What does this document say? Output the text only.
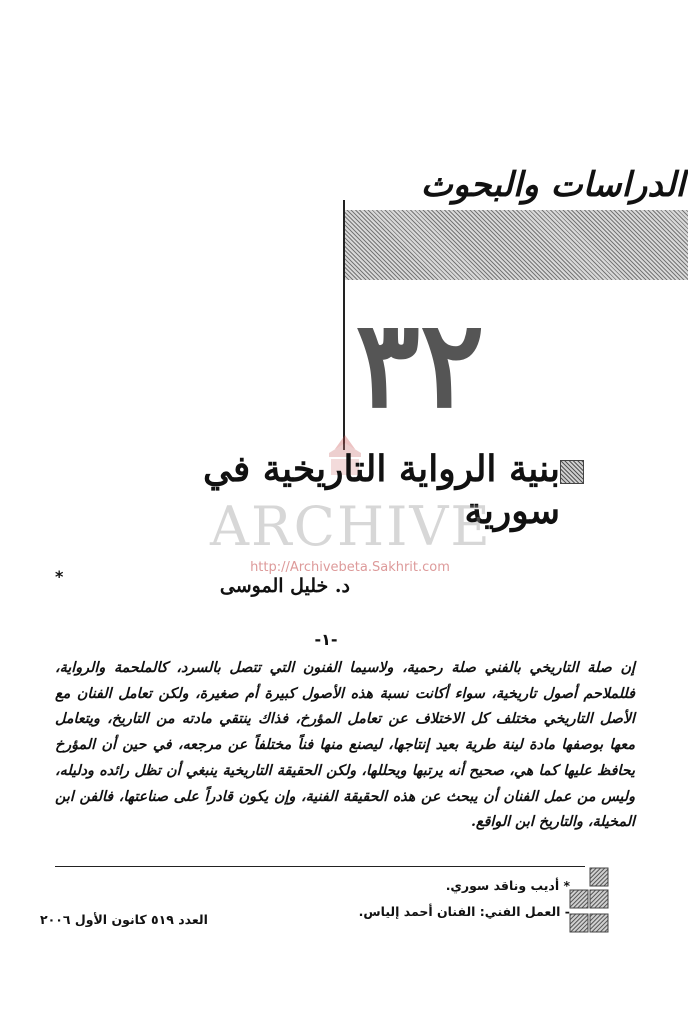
الدراسات والبحوث
٣٢
بنية الرواية التاريخية في سورية
ARCHIVE
http://Archivebeta.Sakhrit.com
د. خليل الموسى
*
-١-
إن صلة التاريخي بالفني صلة رحمية، ولاسيما الفنون التي تتصل بالسرد، كالملحمة والرواية، فللملاحم أصول تاريخية، سواء أكانت نسبة هذه الأصول كبيرة أم صغيرة، ولكن تعامل الفنان مع الأصل التاريخي مختلف كل الاختلاف عن تعامل المؤرخ، فذاك ينتقي مادته من التاريخ، ويتعامل معها بوصفها مادة لينة طرية بعيد إنتاجها، ليصنع منها فناً مختلفاً عن مرجعه، في حين أن المؤرخ يحافظ عليها كما هي، صحيح أنه يرتبها ويحللها، ولكن الحقيقة التاريخية ينبغي أن تظل رائده ودليله، وليس من عمل الفنان أن يبحث عن هذه الحقيقة الفنية، وإن يكون قادراً على صناعتها، فالفن ابن المخيلة، والتاريخ ابن الواقع.
* أديب وناقد سوري.
- العمل الفني: الفنان أحمد إلياس.
العدد ٥١٩ كانون الأول ٢٠٠٦
